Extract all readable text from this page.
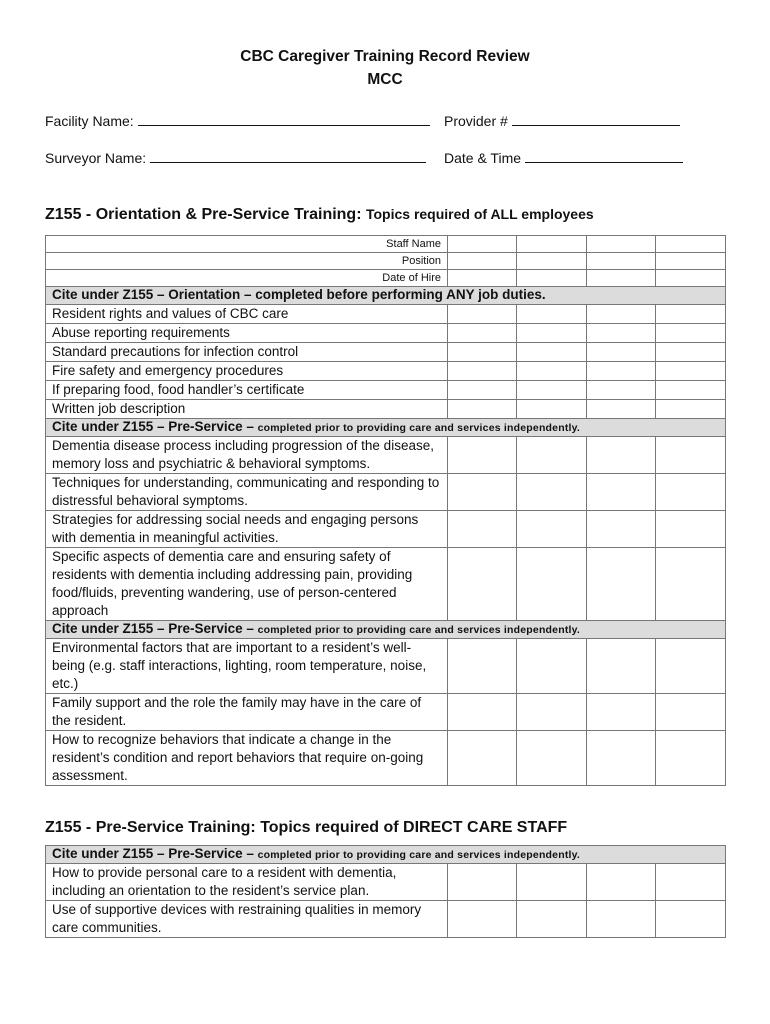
CBC Caregiver Training Record Review
MCC
Facility Name:	Provider #
Surveyor Name:	Date & Time
Z155 - Orientation & Pre-Service Training: Topics required of ALL employees
Staff Name				
Position				
Date of Hire				
Cite under Z155 – Orientation – completed before performing ANY job duties.				
Resident rights and values of CBC care				
Abuse reporting requirements				
Standard precautions for infection control				
Fire safety and emergency procedures				
If preparing food, food handler’s certificate				
Written job description				
Cite under Z155 – Pre-Service – completed prior to providing care and services independently.				
Dementia disease process including progression of the disease, memory loss and psychiatric & behavioral symptoms.				
Techniques for understanding, communicating and responding to distressful behavioral symptoms.				
Strategies for addressing social needs and engaging persons with dementia in meaningful activities.				
Specific aspects of dementia care and ensuring safety of residents with dementia including addressing pain, providing food/fluids, preventing wandering, use of person-centered approach				
Cite under Z155 – Pre-Service – completed prior to providing care and services independently.				
Environmental factors that are important to a resident’s well-being (e.g. staff interactions, lighting, room temperature, noise, etc.)				
Family support and the role the family may have in the care of the resident.				
How to recognize behaviors that indicate a change in the resident’s condition and report behaviors that require on-going assessment.				
Z155 - Pre-Service Training: Topics required of DIRECT CARE STAFF
Cite under Z155 – Pre-Service – completed prior to providing care and services independently.				
How to provide personal care to a resident with dementia, including an orientation to the resident’s service plan.				
Use of supportive devices with restraining qualities in memory care communities.				
